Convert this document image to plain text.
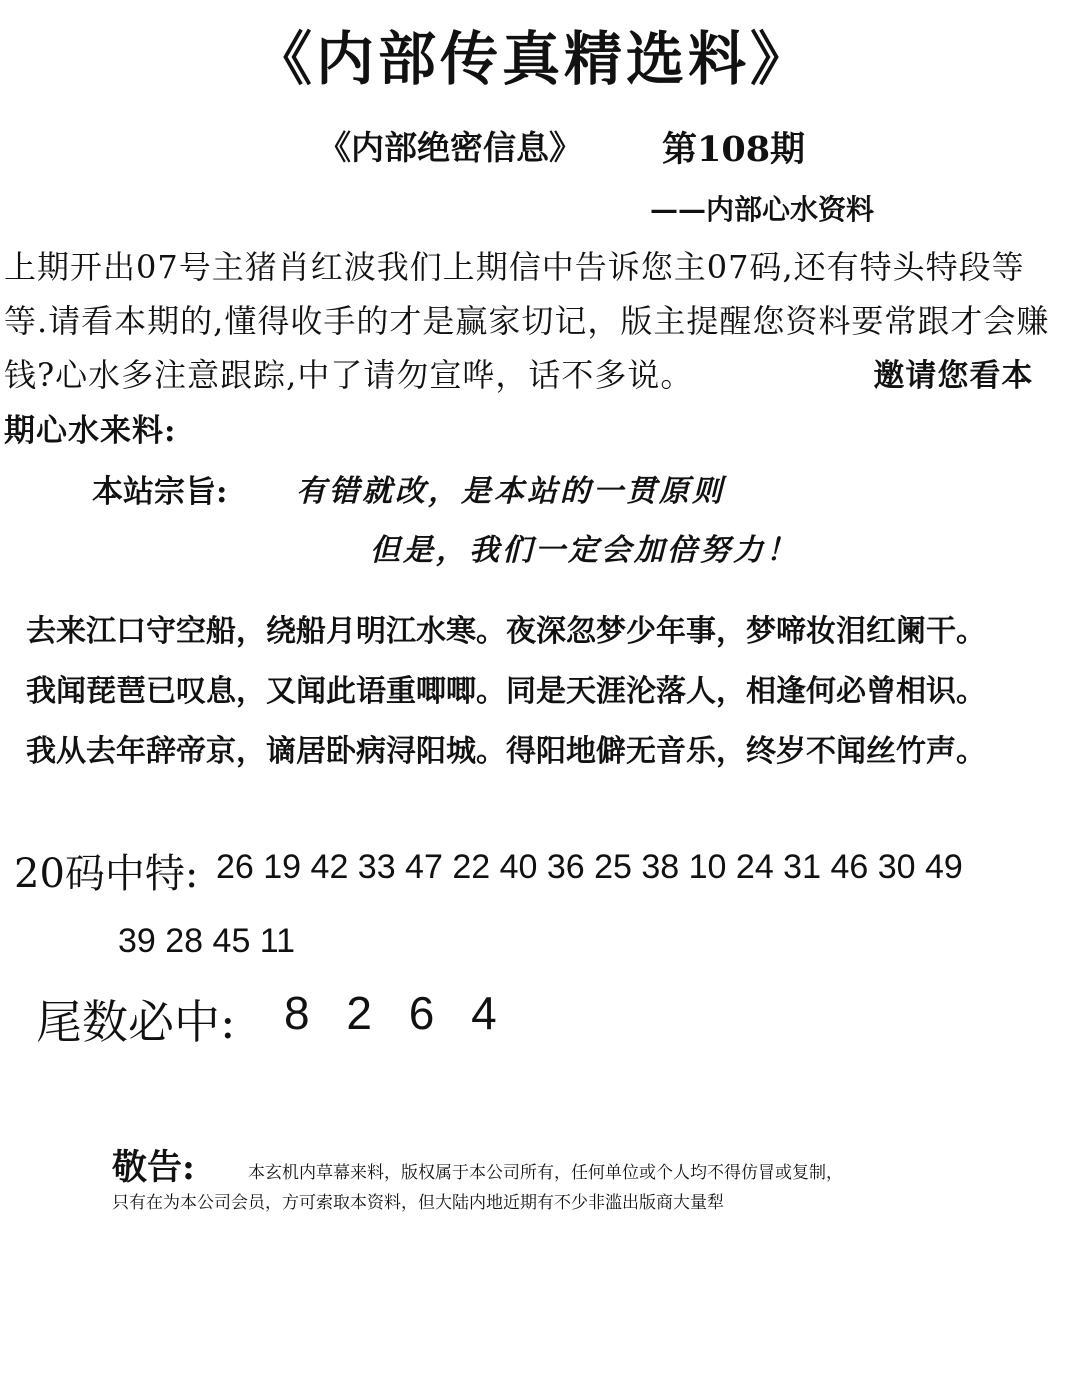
《内部传真精选料》
《内部绝密信息》 第108期
——内部心水资料
上期开出07号主猪肖红波我们上期信中告诉您主07码,还有特头特段等等.请看本期的,懂得收手的才是赢家切记，版主提醒您资料要常跟才会赚钱?心水多注意跟踪,中了请勿宣哗，话不多说。	邀请您看本期心水来料:
本站宗旨: 有错就改，是本站的一贯原则
但是，我们一定会加倍努力！
去来江口守空船，绕船月明江水寒。夜深忽梦少年事，梦啼妆泪红阑干。
我闻琵琶已叹息，又闻此语重唧唧。同是天涯沦落人，相逢何必曾相识。
我从去年辞帝京，谪居卧病浔阳城。得阳地僻无音乐，终岁不闻丝竹声。
20码中特: 26 19 42 33 47 22 40 36 25 38 10 24 31 46 30 49
39 28 45 11
尾数必中: 8 2 6 4
敬告:	本玄机内草幕来料，版权属于本公司所有，任何单位或个人均不得仿冒或复制，
只有在为本公司会员，方可索取本资料，但大陆内地近期有不少非滥出版商大量犁
